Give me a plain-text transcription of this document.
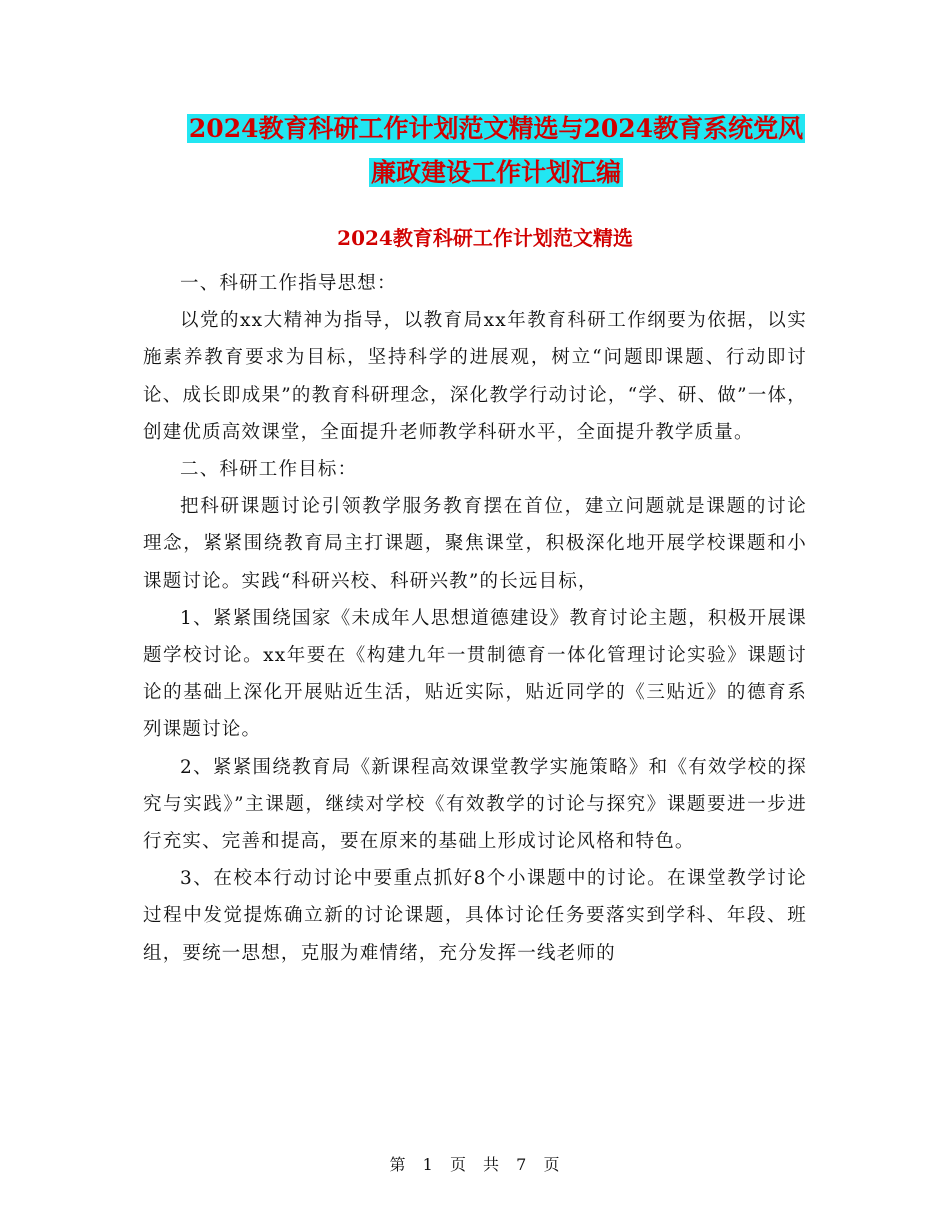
2024教育科研工作计划范文精选与2024教育系统党风
廉政建设工作计划汇编
2024教育科研工作计划范文精选

一、科研工作指导思想：

以党的xx大精神为指导，以教育局xx年教育科研工作纲要为依据，以实施素养教育要求为目标，坚持科学的进展观，树立“问题即课题、行动即讨论、成长即成果”的教育科研理念，深化教学行动讨论，“学、研、做”一体，创建优质高效课堂，全面提升老师教学科研水平，全面提升教学质量。

二、科研工作目标：

把科研课题讨论引领教学服务教育摆在首位，建立问题就是课题的讨论理念，紧紧围绕教育局主打课题，聚焦课堂，积极深化地开展学校课题和小课题讨论。实践“科研兴校、科研兴教”的长远目标，

1、紧紧围绕国家《未成年人思想道德建设》教育讨论主题，积极开展课题学校讨论。xx年要在《构建九年一贯制德育一体化管理讨论实验》课题讨论的基础上深化开展贴近生活，贴近实际，贴近同学的《三贴近》的德育系列课题讨论。

2、紧紧围绕教育局《新课程高效课堂教学实施策略》和《有效学校的探究与实践》”主课题，继续对学校《有效教学的讨论与探究》课题要进一步进行充实、完善和提高，要在原来的基础上形成讨论风格和特色。

3、在校本行动讨论中要重点抓好8个小课题中的讨论。在课堂教学讨论过程中发觉提炼确立新的讨论课题，具体讨论任务要落实到学科、年段、班组，要统一思想，克服为难情绪，充分发挥一线老师的

第 1 页 共 7 页
